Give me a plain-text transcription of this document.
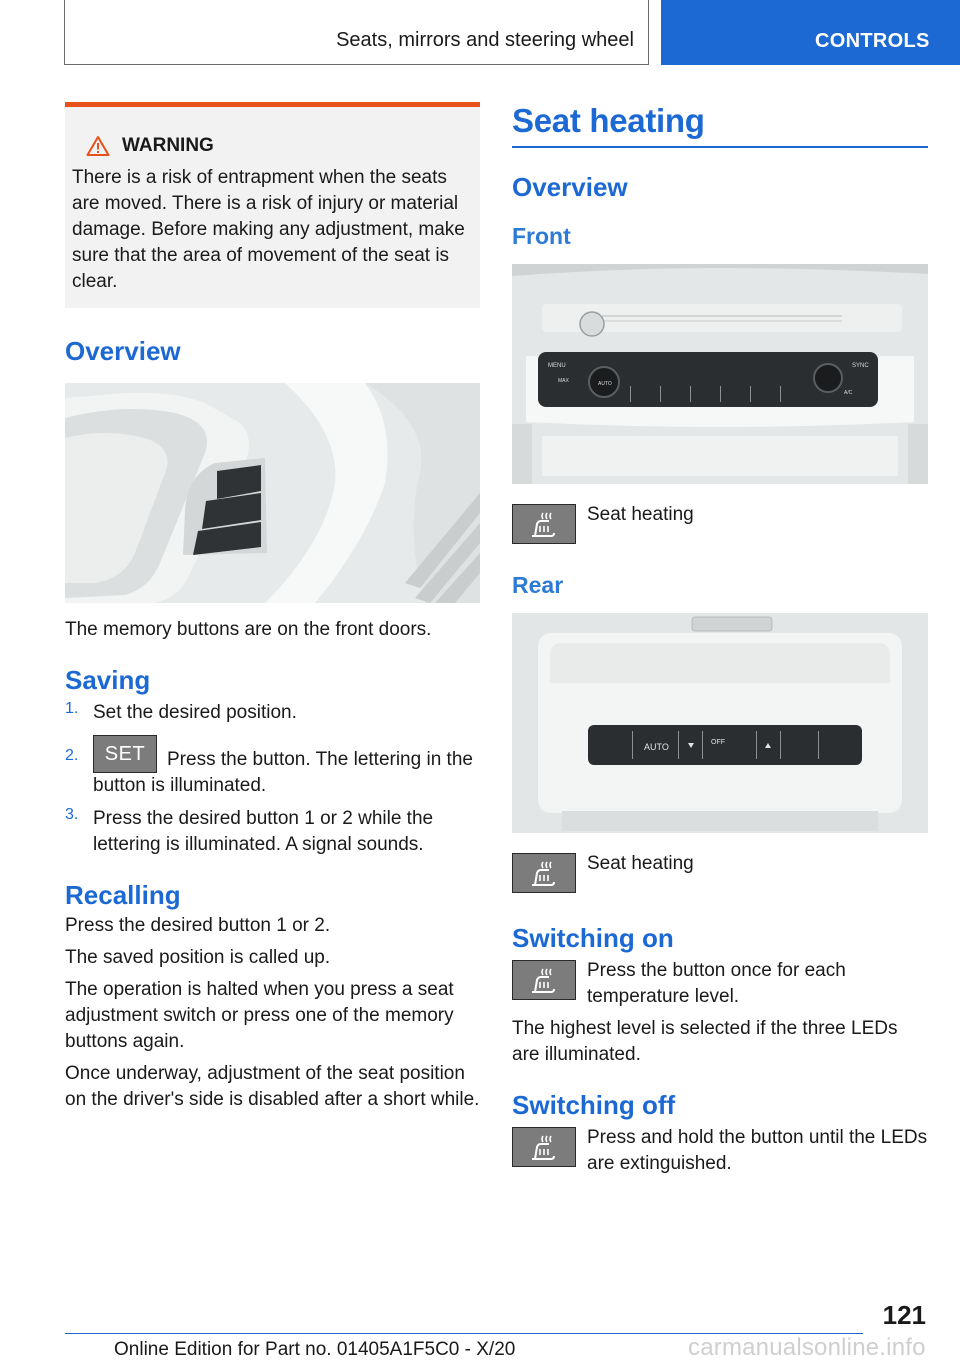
Seats, mirrors and steering wheel	CONTROLS
WARNING

There is a risk of entrapment when the seats are moved. There is a risk of injury or material damage. Before making any adjustment, make sure that the area of movement of the seat is clear.

Overview

The memory buttons are on the front doors.

Saving
1. Set the desired position.

2.	SET	Press the button. The lettering in the button is illuminated.

3. Press the desired button 1 or 2 while the lettering is illuminated. A signal sounds.

Recalling

Press the desired button 1 or 2.

The saved position is called up.

The operation is halted when you press a seat adjustment switch or press one of the memory buttons again.

Once underway, adjustment of the seat position on the driver's side is disabled after a short while.

Seat heating
Overview
Front
MENU	SYNC
AUTO
MAX
A/C

Seat heating

Rear
AUTO	OFF

Seat heating

Switching on

Press the button once for each temperature level.

The highest level is selected if the three LEDs are illuminated.

Switching off

Press and hold the button until the LEDs are extinguished.

121
Online Edition for Part no. 01405A1F5C0 - X/20	carmanualsonline.info
